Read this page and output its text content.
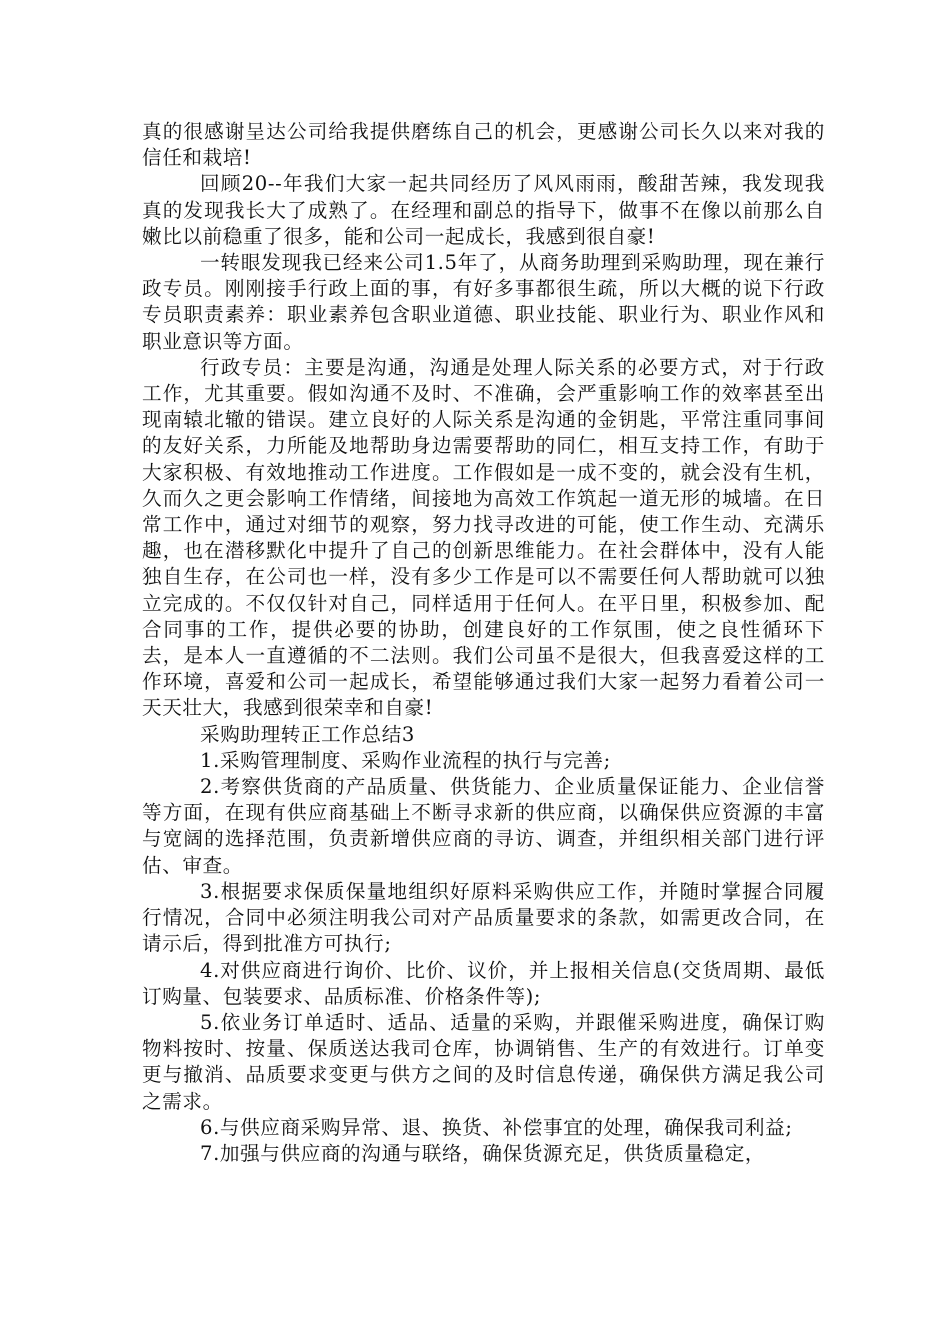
真的很感谢呈达公司给我提供磨练自己的机会，更感谢公司长久以来对我的信任和栽培!

回顾20--年我们大家一起共同经历了风风雨雨，酸甜苦辣，我发现我真的发现我长大了成熟了。在经理和副总的指导下，做事不在像以前那么自嫩比以前稳重了很多，能和公司一起成长，我感到很自豪!

一转眼发现我已经来公司1.5年了，从商务助理到采购助理，现在兼行政专员。刚刚接手行政上面的事，有好多事都很生疏，所以大概的说下行政专员职责素养：职业素养包含职业道德、职业技能、职业行为、职业作风和职业意识等方面。

行政专员：主要是沟通，沟通是处理人际关系的必要方式，对于行政工作，尤其重要。假如沟通不及时、不准确，会严重影响工作的效率甚至出现南辕北辙的错误。建立良好的人际关系是沟通的金钥匙，平常注重同事间的友好关系，力所能及地帮助身边需要帮助的同仁，相互支持工作，有助于大家积极、有效地推动工作进度。工作假如是一成不变的，就会没有生机，久而久之更会影响工作情绪，间接地为高效工作筑起一道无形的城墙。在日常工作中，通过对细节的观察，努力找寻改进的可能，使工作生动、充满乐趣，也在潜移默化中提升了自己的创新思维能力。在社会群体中，没有人能独自生存，在公司也一样，没有多少工作是可以不需要任何人帮助就可以独立完成的。不仅仅针对自己，同样适用于任何人。在平日里，积极参加、配合同事的工作，提供必要的协助，创建良好的工作氛围，使之良性循环下去，是本人一直遵循的不二法则。我们公司虽不是很大，但我喜爱这样的工作环境，喜爱和公司一起成长，希望能够通过我们大家一起努力看着公司一天天壮大，我感到很荣幸和自豪!

采购助理转正工作总结3

1.采购管理制度、采购作业流程的执行与完善;

2.考察供货商的产品质量、供货能力、企业质量保证能力、企业信誉等方面，在现有供应商基础上不断寻求新的供应商，以确保供应资源的丰富与宽阔的选择范围，负责新增供应商的寻访、调查，并组织相关部门进行评估、审查。

3.根据要求保质保量地组织好原料采购供应工作，并随时掌握合同履行情况，合同中必须注明我公司对产品质量要求的条款，如需更改合同，在请示后，得到批准方可执行;

4.对供应商进行询价、比价、议价，并上报相关信息(交货周期、最低订购量、包装要求、品质标准、价格条件等);

5.依业务订单适时、适品、适量的采购，并跟催采购进度，确保订购物料按时、按量、保质送达我司仓库，协调销售、生产的有效进行。订单变更与撤消、品质要求变更与供方之间的及时信息传递，确保供方满足我公司之需求。

6.与供应商采购异常、退、换货、补偿事宜的处理，确保我司利益;

7.加强与供应商的沟通与联络，确保货源充足，供货质量稳定，
